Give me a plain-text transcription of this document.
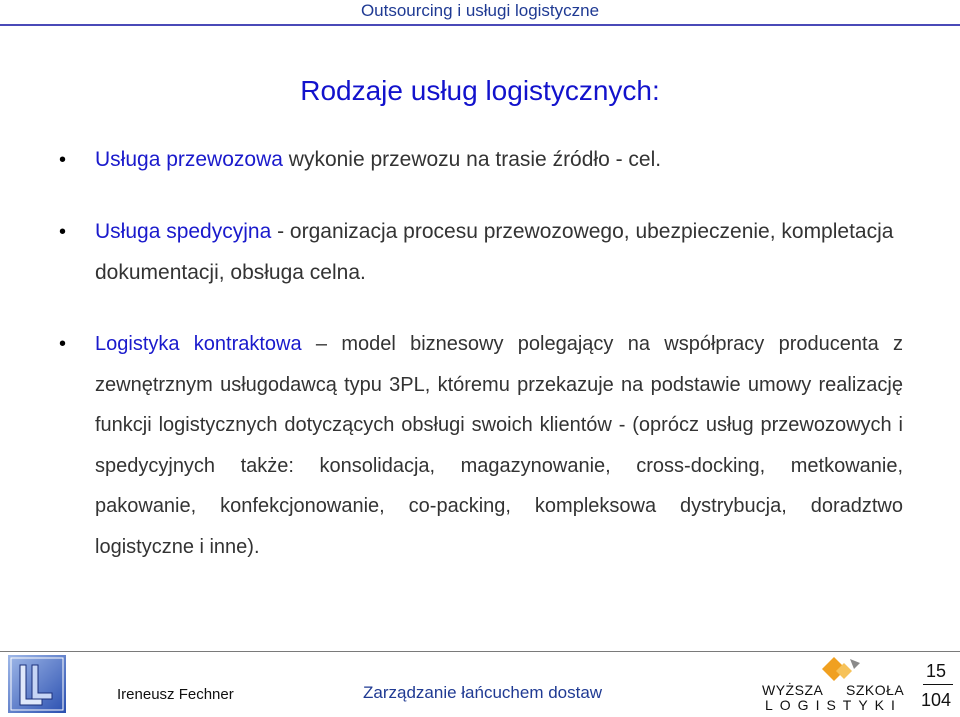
Outsourcing i usługi logistyczne
Rodzaje usług logistycznych:
• Usługa przewozowa wykonie przewozu na trasie źródło - cel.
• Usługa spedycyjna - organizacja procesu przewozowego, ubezpieczenie, kompletacja dokumentacji, obsługa celna.
• Logistyka kontraktowa – model biznesowy polegający na współpracy producenta z zewnętrznym usługodawcą typu 3PL, któremu przekazuje na podstawie umowy realizację funkcji logistycznych dotyczących obsługi swoich klientów - (oprócz usług przewozowych i spedycyjnych także: konsolidacja, magazynowanie, cross-docking, metkowanie, pakowanie, konfekcjonowanie, co-packing, kompleksowa dystrybucja, doradztwo logistyczne i inne).
Ireneusz Fechner	Zarządzanie łańcuchem dostaw	WYŻSZA SZKOŁA
LOGISTYKI
15
104
